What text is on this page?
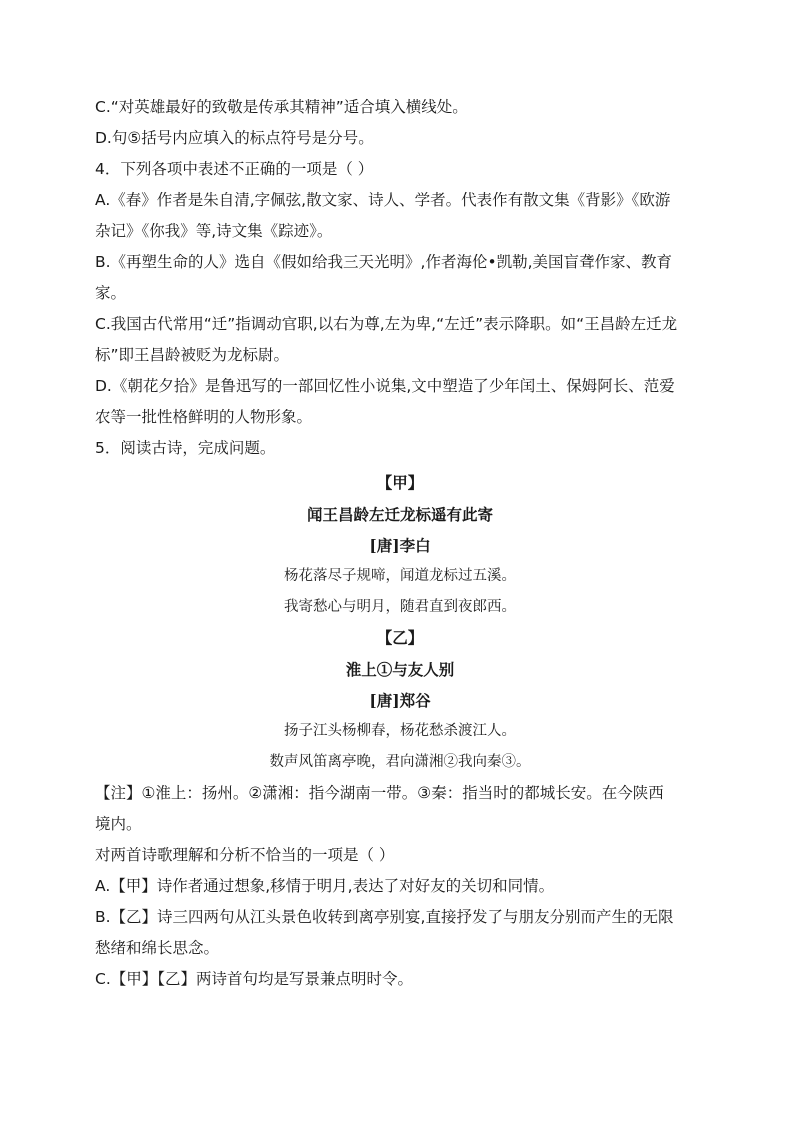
C.“对英雄最好的致敬是传承其精神”适合填入横线处。
D.句⑤括号内应填入的标点符号是分号。
4．下列各项中表述不正确的一项是（ ）
A.《春》作者是朱自清,字佩弦,散文家、诗人、学者。代表作有散文集《背影》《欧游
杂记》《你我》等,诗文集《踪迹》。
B.《再塑生命的人》选自《假如给我三天光明》,作者海伦•凯勒,美国盲聋作家、教育
家。
C.我国古代常用“迁”指调动官职,以右为尊,左为卑,“左迁”表示降职。如“王昌龄左迁龙
标”即王昌龄被贬为龙标尉。
D.《朝花夕拾》是鲁迅写的一部回忆性小说集,文中塑造了少年闰土、保姆阿长、范爱
农等一批性格鲜明的人物形象。
5．阅读古诗，完成问题。
【甲】
闻王昌龄左迁龙标遥有此寄
[唐]李白
杨花落尽子规啼，闻道龙标过五溪。
我寄愁心与明月，随君直到夜郎西。
【乙】
淮上①与友人别
[唐]郑谷
扬子江头杨柳春，杨花愁杀渡江人。
数声风笛离亭晚，君向潇湘②我向秦③。
【注】①淮上：扬州。②潇湘：指今湖南一带。③秦：指当时的都城长安。在今陕西
境内。
对两首诗歌理解和分析不恰当的一项是（ ）
A.【甲】诗作者通过想象,移情于明月,表达了对好友的关切和同情。
B.【乙】诗三四两句从江头景色收转到离亭别宴,直接抒发了与朋友分别而产生的无限
愁绪和绵长思念。
C.【甲】【乙】两诗首句均是写景兼点明时令。
